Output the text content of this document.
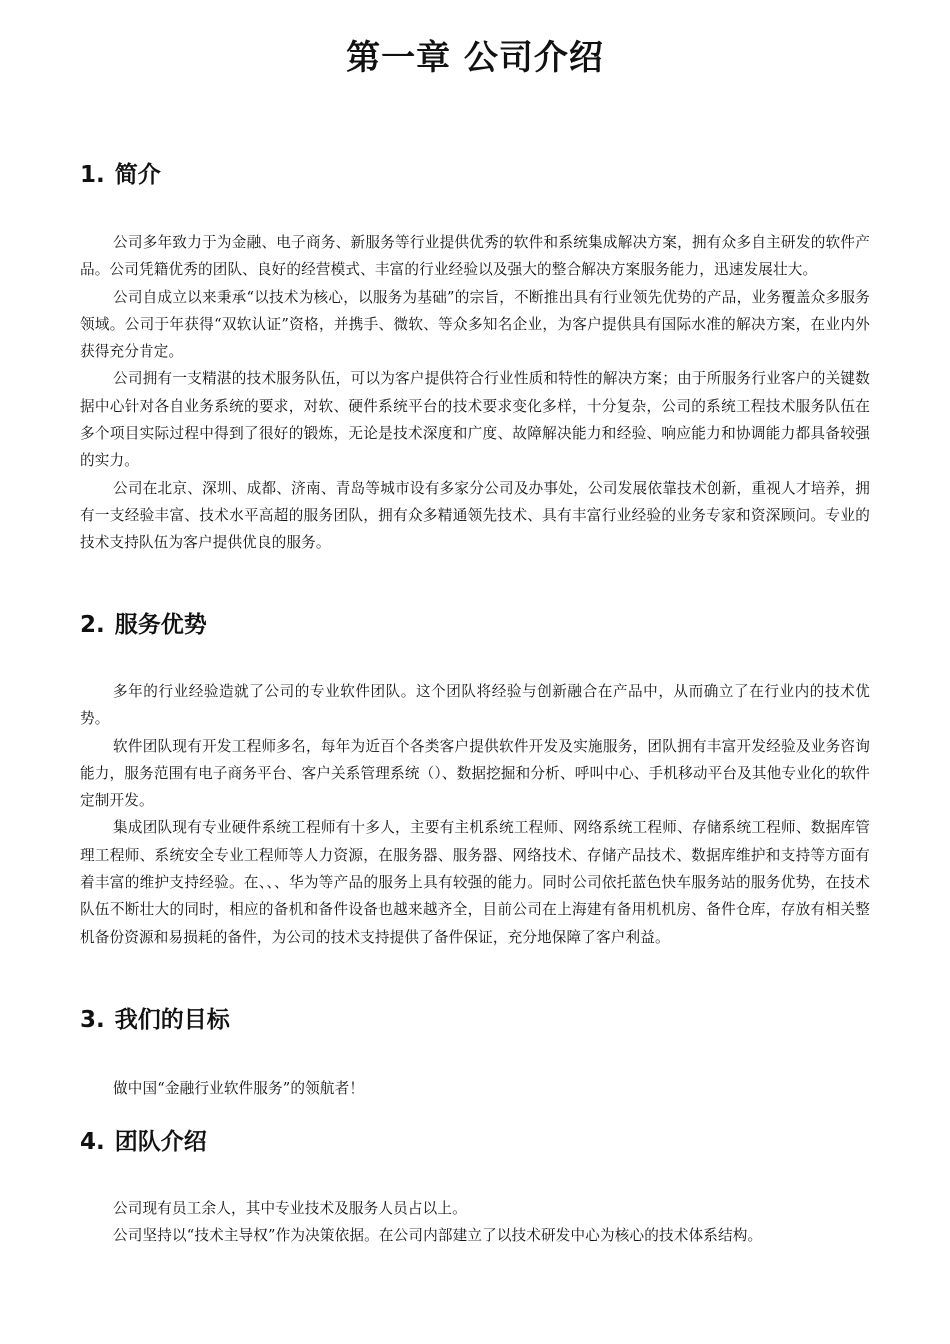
第一章 公司介绍
1. 简介

公司多年致力于为金融、电子商务、新服务等行业提供优秀的软件和系统集成解决方案，拥有众多自主研发的软件产品。公司凭籍优秀的团队、良好的经营模式、丰富的行业经验以及强大的整合解决方案服务能力，迅速发展壮大。

公司自成立以来秉承“以技术为核心，以服务为基础”的宗旨，不断推出具有行业领先优势的产品，业务覆盖众多服务领域。公司于年获得“双软认证”资格，并携手、微软、等众多知名企业，为客户提供具有国际水准的解决方案，在业内外获得充分肯定。

公司拥有一支精湛的技术服务队伍，可以为客户提供符合行业性质和特性的解决方案；由于所服务行业客户的关键数据中心针对各自业务系统的要求，对软、硬件系统平台的技术要求变化多样，十分复杂，公司的系统工程技术服务队伍在多个项目实际过程中得到了很好的锻炼，无论是技术深度和广度、故障解决能力和经验、响应能力和协调能力都具备较强的实力。

公司在北京、深圳、成都、济南、青岛等城市设有多家分公司及办事处，公司发展依靠技术创新，重视人才培养，拥有一支经验丰富、技术水平高超的服务团队，拥有众多精通领先技术、具有丰富行业经验的业务专家和资深顾问。专业的技术支持队伍为客户提供优良的服务。

2. 服务优势

多年的行业经验造就了公司的专业软件团队。这个团队将经验与创新融合在产品中，从而确立了在行业内的技术优势。

软件团队现有开发工程师多名，每年为近百个各类客户提供软件开发及实施服务，团队拥有丰富开发经验及业务咨询能力，服务范围有电子商务平台、客户关系管理系统（）、数据挖掘和分析、呼叫中心、手机移动平台及其他专业化的软件定制开发。

集成团队现有专业硬件系统工程师有十多人，主要有主机系统工程师、网络系统工程师、存储系统工程师、数据库管理工程师、系统安全专业工程师等人力资源，在服务器、服务器、网络技术、存储产品技术、数据库维护和支持等方面有着丰富的维护支持经验。在、、、华为等产品的服务上具有较强的能力。同时公司依托蓝色快车服务站的服务优势，在技术队伍不断壮大的同时，相应的备机和备件设备也越来越齐全，目前公司在上海建有备用机机房、备件仓库，存放有相关整机备份资源和易损耗的备件，为公司的技术支持提供了备件保证，充分地保障了客户利益。

3. 我们的目标

做中国“金融行业软件服务”的领航者！

4. 团队介绍

公司现有员工余人，其中专业技术及服务人员占以上。

公司坚持以“技术主导权”作为决策依据。在公司内部建立了以技术研发中心为核心的技术体系结构。
